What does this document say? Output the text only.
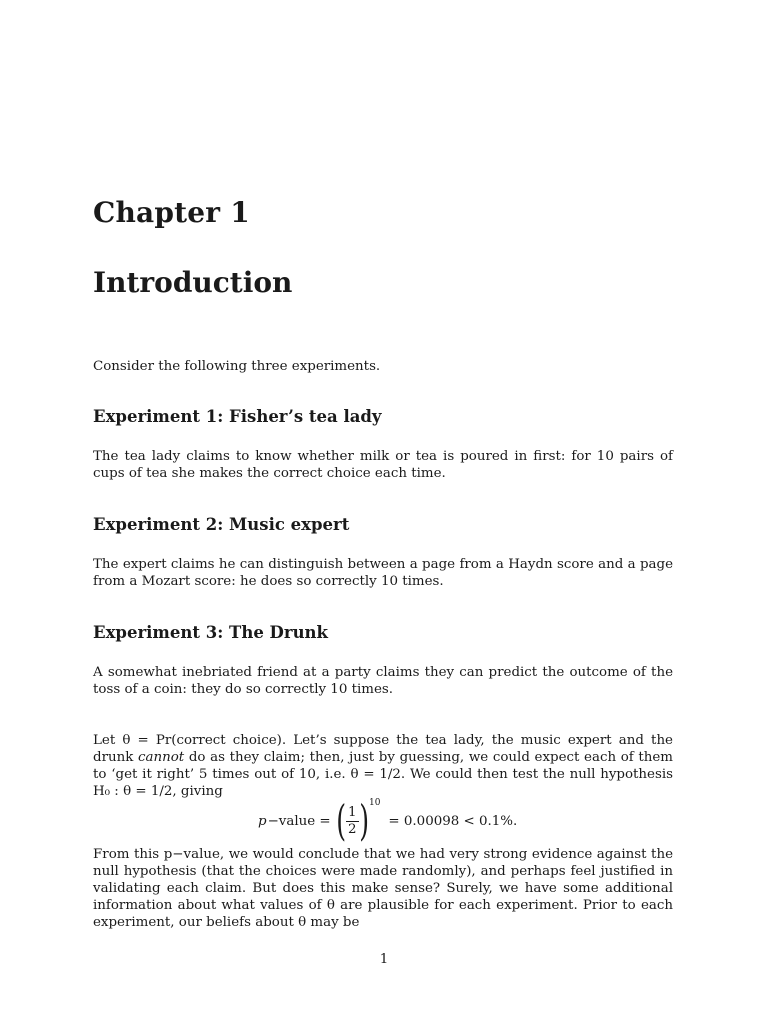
Chapter 1
Introduction

Consider the following three experiments.

Experiment 1: Fisher’s tea lady

The tea lady claims to know whether milk or tea is poured in first: for 10 pairs of cups of tea she makes the correct choice each time.

Experiment 2: Music expert

The expert claims he can distinguish between a page from a Haydn score and a page from a Mozart score: he does so correctly 10 times.

Experiment 3: The Drunk

A somewhat inebriated friend at a party claims they can predict the outcome of the toss of a coin: they do so correctly 10 times.

Let θ = Pr(correct choice). Let’s suppose the tea lady, the music expert and the drunk cannot do as they claim; then, just by guessing, we could expect each of them to ‘get it right’ 5 times out of 10, i.e. θ = 1/2. We could then test the null hypothesis H₀ : θ = 1/2, giving

p −value = ( $\frac{1}{2}$ ) 10
= 0.00098 < 0.1%.

From this p−value, we would conclude that we had very strong evidence against the null hypothesis (that the choices were made randomly), and perhaps feel justified in validating each claim. But does this make sense? Surely, we have some additional information about what values of θ are plausible for each experiment. Prior to each experiment, our beliefs about θ may be

1
